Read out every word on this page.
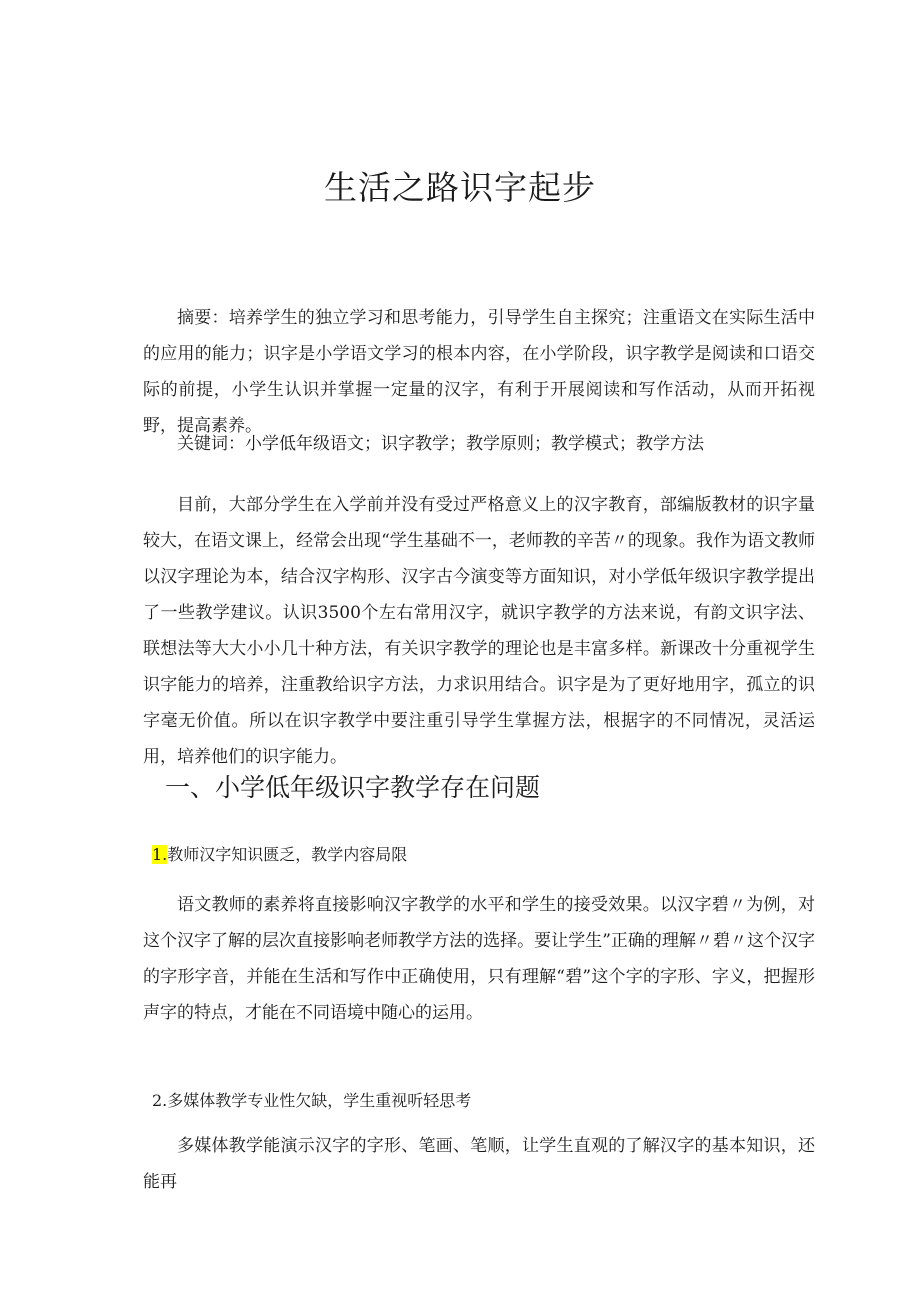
生活之路识字起步

摘要：培养学生的独立学习和思考能力，引导学生自主探究；注重语文在实际生活中的应用的能力；识字是小学语文学习的根本内容，在小学阶段，识字教学是阅读和口语交际的前提，小学生认识并掌握一定量的汉字，有利于开展阅读和写作活动，从而开拓视野，提高素养。

关键词：小学低年级语文；识字教学；教学原则；教学模式；教学方法

目前，大部分学生在入学前并没有受过严格意义上的汉字教育，部编版教材的识字量较大，在语文课上，经常会出现“学生基础不一，老师教的辛苦〃的现象。我作为语文教师以汉字理论为本，结合汉字构形、汉字古今演变等方面知识，对小学低年级识字教学提出了一些教学建议。认识3500个左右常用汉字，就识字教学的方法来说，有韵文识字法、联想法等大大小小几十种方法，有关识字教学的理论也是丰富多样。新课改十分重视学生识字能力的培养，注重教给识字方法，力求识用结合。识字是为了更好地用字，孤立的识字毫无价值。所以在识字教学中要注重引导学生掌握方法，根据字的不同情况，灵活运用，培养他们的识字能力。

一、小学低年级识字教学存在问题
1.教师汉字知识匮乏，教学内容局限

语文教师的素养将直接影响汉字教学的水平和学生的接受效果。以汉字碧〃为例，对这个汉字了解的层次直接影响老师教学方法的选择。要让学生”正确的理解〃碧〃这个汉字的字形字音，并能在生活和写作中正确使用，只有理解“碧”这个字的字形、字义，把握形声字的特点，才能在不同语境中随心的运用。

2.多媒体教学专业性欠缺，学生重视听轻思考

多媒体教学能演示汉字的字形、笔画、笔顺，让学生直观的了解汉字的基本知识，还能再
